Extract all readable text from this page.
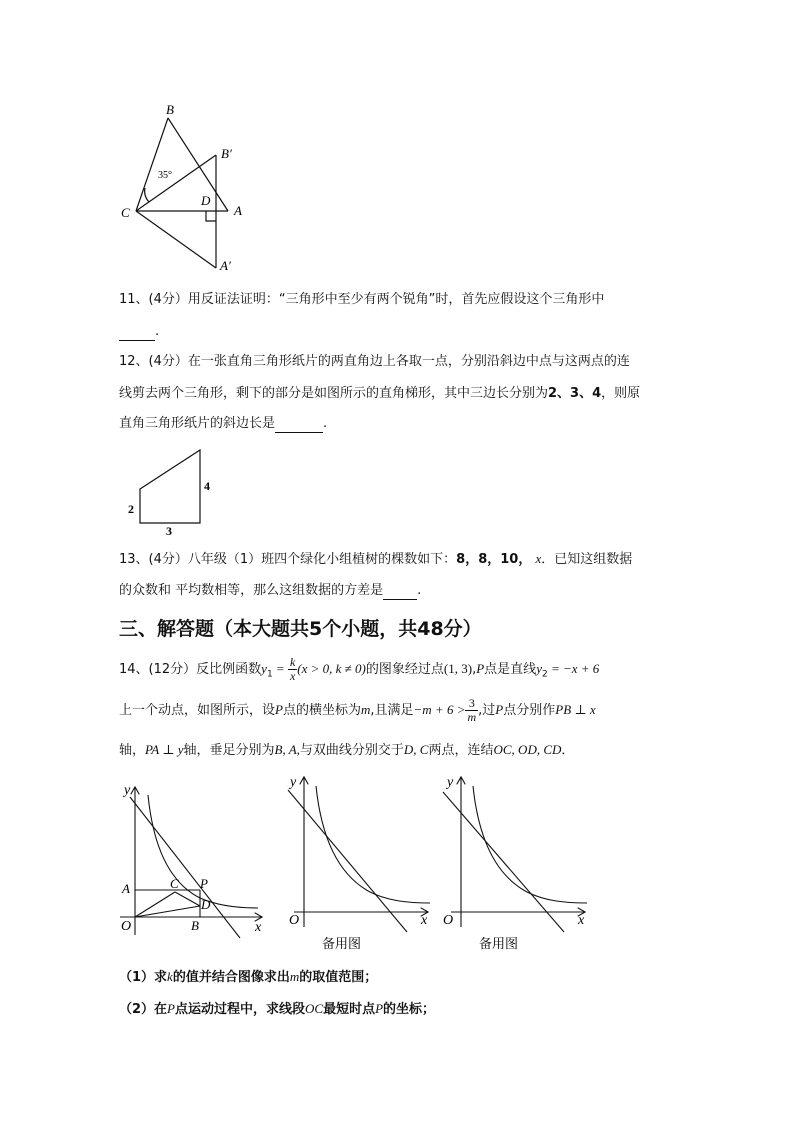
B
B′
C
D
A
A′
35°
11、(4分）用反证法证明：“三角形中至少有两个锐角”时，首先应假设这个三角形中
.
12、(4分）在一张直角三角形纸片的两直角边上各取一点，分别沿斜边中点与这两点的连
线剪去两个三角形，剩下的部分是如图所示的直角梯形，其中三边长分别为2、3、4，则原
直角三角形纸片的斜边长是	.
2
3
4
13、(4分）八年级（1）班四个绿化小组植树的棵数如下：8，8，10， x．已知这组数据
的众数和 平均数相等，那么这组数据的方差是	.
三、解答题（本大题共5个小题，共48分）
14、(12分）反比例函数$y_1 = \frac{k}{x} (x > 0$, k ≠ 0)的图象经过点(1, 3),P点是直线$y_2 = -x + 6$
上一个动点，如图所示，设P点的横坐标为m,且满足$-m + 6 > \frac{3}{m}$ ,过P点分别作PB ⊥ x
轴，PA ⊥ y轴，垂足分别为B, A,与双曲线分别交于D, C两点，连结OC, OD, CD．
y
x
O
A
B
C P
D
y
x
O
备用图
y
x
O
备用图
（1）求k的值并结合图像求出m的取值范围；
（2）在P点运动过程中，求线段OC最短时点P的坐标；
